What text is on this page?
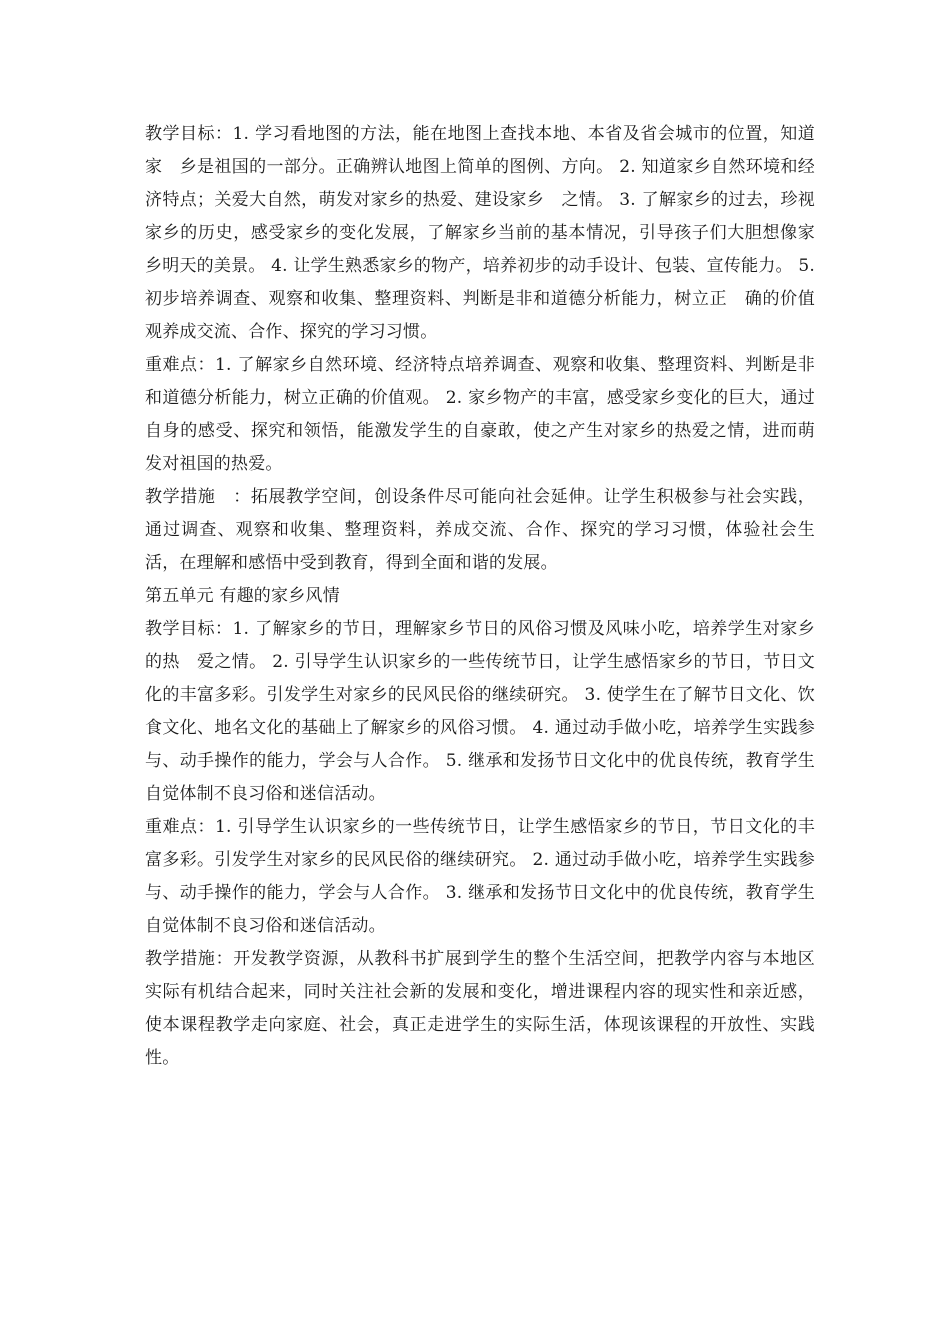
教学目标：1. 学习看地图的方法，能在地图上查找本地、本省及省会城市的位置，知道家　乡是祖国的一部分。正确辨认地图上简单的图例、方向。 2. 知道家乡自然环境和经济特点；关爱大自然，萌发对家乡的热爱、建设家乡　之情。 3. 了解家乡的过去，珍视家乡的历史，感受家乡的变化发展，了解家乡当前的基本情况，引导孩子们大胆想像家乡明天的美景。 4. 让学生熟悉家乡的物产，培养初步的动手设计、包装、宣传能力。 5. 初步培养调查、观察和收集、整理资料、判断是非和道德分析能力，树立正　确的价值观养成交流、合作、探究的学习习惯。

重难点：1. 了解家乡自然环境、经济特点培养调查、观察和收集、整理资料、判断是非　和道德分析能力，树立正确的价值观。 2. 家乡物产的丰富，感受家乡变化的巨大，通过自身的感受、探究和领悟，能激发学生的自豪敢，使之产生对家乡的热爱之情，进而萌发对祖国的热爱。

教学措施　：拓展教学空间，创设条件尽可能向社会延伸。让学生积极参与社会实践，通过调查、观察和收集、整理资料，养成交流、合作、探究的学习习惯，体验社会生活，在理解和感悟中受到教育，得到全面和谐的发展。

第五单元 有趣的家乡风情

教学目标：1. 了解家乡的节日，理解家乡节日的风俗习惯及风味小吃，培养学生对家乡的热　爱之情。 2. 引导学生认识家乡的一些传统节日，让学生感悟家乡的节日，节日文化的丰富多彩。引发学生对家乡的民风民俗的继续研究。 3. 使学生在了解节日文化、饮食文化、地名文化的基础上了解家乡的风俗习惯。 4. 通过动手做小吃，培养学生实践参与、动手操作的能力，学会与人合作。 5. 继承和发扬节日文化中的优良传统，教育学生自觉体制不良习俗和迷信活动。

重难点：1. 引导学生认识家乡的一些传统节日，让学生感悟家乡的节日，节日文化的丰富多彩。引发学生对家乡的民风民俗的继续研究。 2. 通过动手做小吃，培养学生实践参与、动手操作的能力，学会与人合作。 3. 继承和发扬节日文化中的优良传统，教育学生自觉体制不良习俗和迷信活动。

教学措施：开发教学资源，从教科书扩展到学生的整个生活空间，把教学内容与本地区实际有机结合起来，同时关注社会新的发展和变化，增进课程内容的现实性和亲近感，使本课程教学走向家庭、社会，真正走进学生的实际生活，体现该课程的开放性、实践性。
